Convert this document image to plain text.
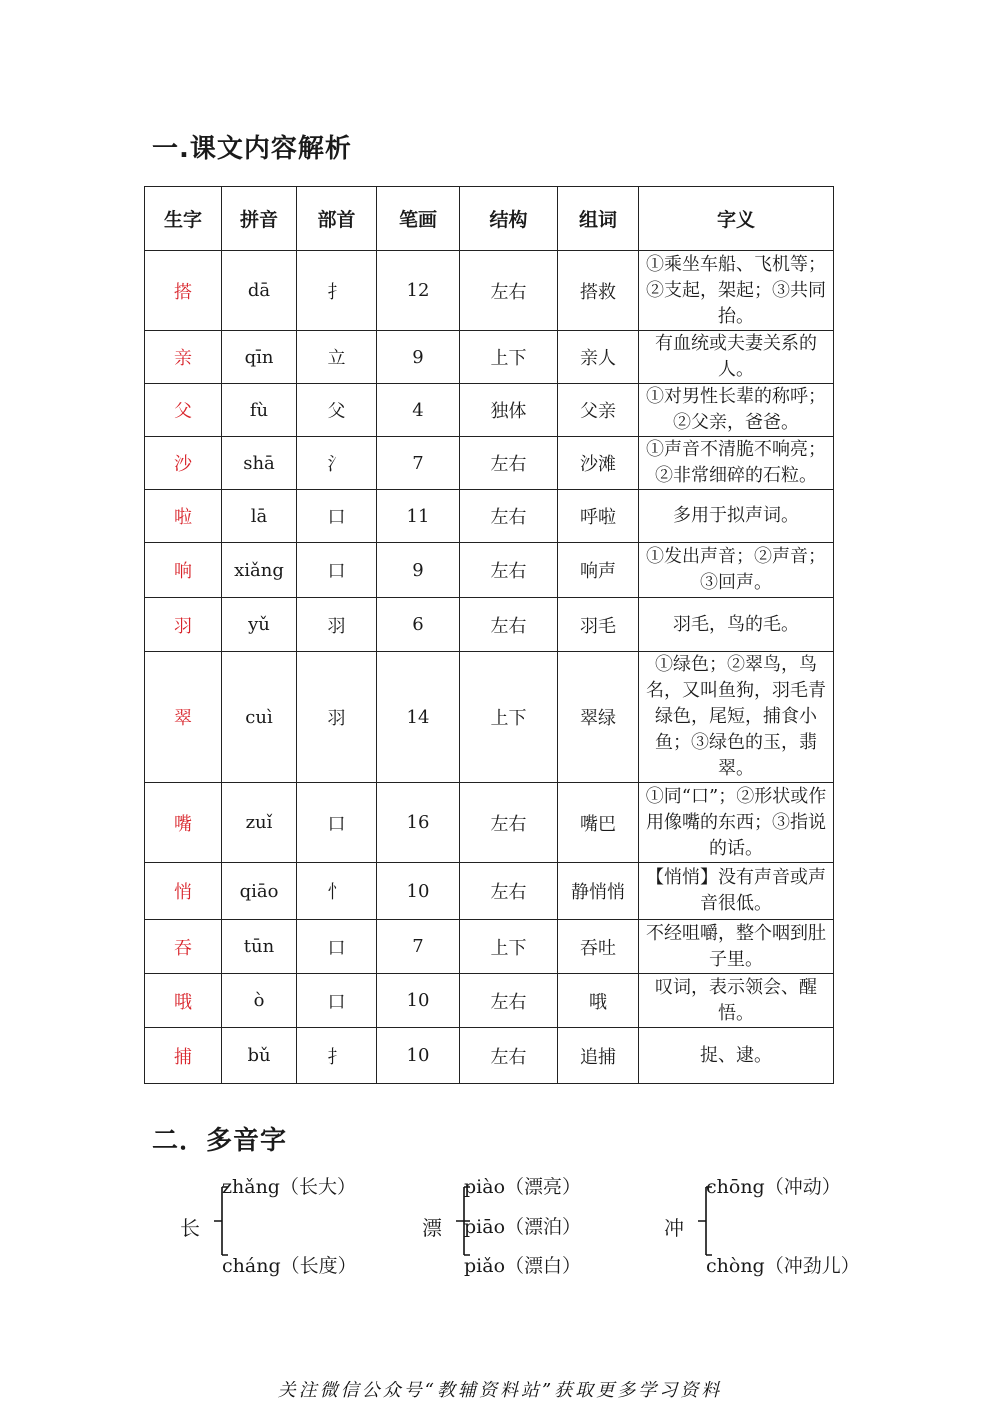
一.课文内容解析
生字	拼音	部首	笔画	结构	组词	字义
搭	dā	扌	12	左右	搭救	①乘坐车船、飞机等；②支起，架起；③共同抬。
亲	qīn	立	9	上下	亲人	有血统或夫妻关系的人。
父	fù	父	4	独体	父亲	①对男性长辈的称呼；②父亲，爸爸。
沙	shā	氵	7	左右	沙滩	①声音不清脆不响亮；②非常细碎的石粒。
啦	lā	口	11	左右	呼啦	多用于拟声词。
响	xiǎng	口	9	左右	响声	①发出声音；②声音；③回声。
羽	yǔ	羽	6	左右	羽毛	羽毛，鸟的毛。
翠	cuì	羽	14	上下	翠绿	①绿色；②翠鸟，鸟名，又叫鱼狗，羽毛青绿色，尾短，捕食小鱼；③绿色的玉，翡翠。
嘴	zuǐ	口	16	左右	嘴巴	①同“口”；②形状或作用像嘴的东西；③指说的话。
悄	qiāo	忄	10	左右	静悄悄	【悄悄】没有声音或声音很低。
吞	tūn	口	7	上下	吞吐	不经咀嚼，整个咽到肚子里。
哦	ò	口	10	左右	哦	叹词，表示领会、醒悟。
捕	bǔ	扌	10	左右	追捕	捉、逮。
二．多音字
长
zhǎng（长大）
cháng（长度）
漂
piào（漂亮）
piāo（漂泊）
piǎo（漂白）
冲
chōng（冲动）
chòng（冲劲儿）
关注微信公众号“教辅资料站”获取更多学习资料
